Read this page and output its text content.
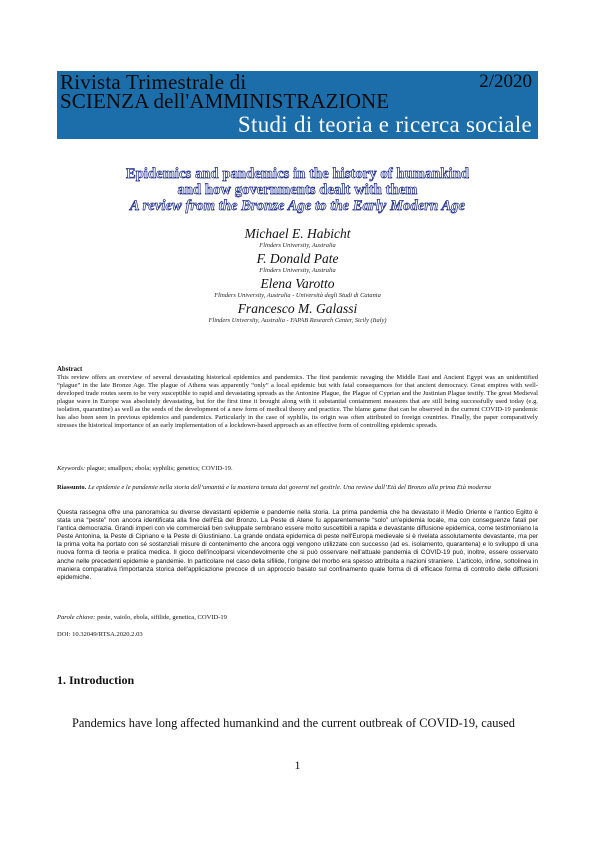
Rivista Trimestrale di	2/2020
SCIENZA dell'AMMINISTRAZIONE
Studi di teoria e ricerca sociale
Epidemics and pandemics in the history of humankind
and how governments dealt with them
A review from the Bronze Age to the Early Modern Age
Michael E. Habicht
Flinders University, Australia
F. Donald Pate
Flinders University, Australia
Elena Varotto
Flinders University, Australia - Università degli Studi di Catania
Francesco M. Galassi
Flinders University, Australia - FAPAB Research Center, Sicily (Italy)
Abstract
This review offers an overview of several devastating historical epidemics and pandemics. The first pandemic ravaging the Middle East and Ancient Egypt was an unidentified “plague” in the late Bronze Age. The plague of Athens was apparently “only” a local epidemic but with fatal consequences for that ancient democracy. Great empires with well-developed trade routes seem to be very susceptible to rapid and devastating spreads as the Antonine Plague, the Plague of Cyprian and the Justinian Plague testify. The great Medieval plague wave in Europe was absolutely devastating, but for the first time it brought along with it substantial containment measures that are still being successfully used today (e.g. isolation, quarantine) as well as the seeds of the development of a new form of medical theory and practice. The blame game that can be observed in the current COVID-19 pandemic has also been seen in previous epidemics and pandemics. Particularly in the case of syphilis, its origin was often attributed to foreign countries. Finally, the paper comparatively stresses the historical importance of an early implementation of a lockdown-based approach as an effective form of controlling epidemic spreads.
Keywords: plague; smallpox; ebola; syphilis; genetics; COVID-19.
Riassunto. Le epidemie e le pandemie nella storia dell’umanità e la maniera tenuta dai governi nel gestirle. Una review dall’Età del Bronzo alla prima Età moderna
Questa rassegna offre una panoramica su diverse devastanti epidemie e pandemie nella storia. La prima pandemia che ha devastato il Medio Oriente e l'antico Egitto è stata una “peste” non ancora identificata alla fine dell'Età del Bronzo. La Peste di Atene fu apparentemente “solo” un'epidemia locale, ma con conseguenze fatali per l'antica democrazia. Grandi imperi con vie commerciali ben sviluppate sembrano essere molto suscettibili a rapida e devastante diffusione epidemica, come testimoniano la Peste Antonina, la Peste di Cipriano e la Peste di Giustiniano. La grande ondata epidemica di peste nell'Europa medievale si è rivelata assolutamente devastante, ma per la prima volta ha portato con sé sostanziali misure di contenimento che ancora oggi vengono utilizzate con successo (ad es. isolamento, quarantena) e lo sviluppo di una nuova forma di teoria e pratica medica. Il gioco dell'incolparsi vicendevolmente che si può osservare nell'attuale pandemia di COVID-19 può, inoltre, essere osservato anche nelle precedenti epidemie e pandemie. In particolare nel caso della sifilide, l'origine del morbo era spesso attribuita a nazioni straniere. L'articolo, infine, sottolinea in maniera comparativa l'importanza storica dell'applicazione precoce di un approccio basato sul confinamento quale forma di di efficace forma di controllo delle diffusioni epidemiche.
Parole chiave: peste, vaiolo, ebola, sifilide, genetica, COVID-19
DOI: 10.32049/RTSA.2020.2.03
1. Introduction
Pandemics have long affected humankind and the current outbreak of COVID-19, caused
1
